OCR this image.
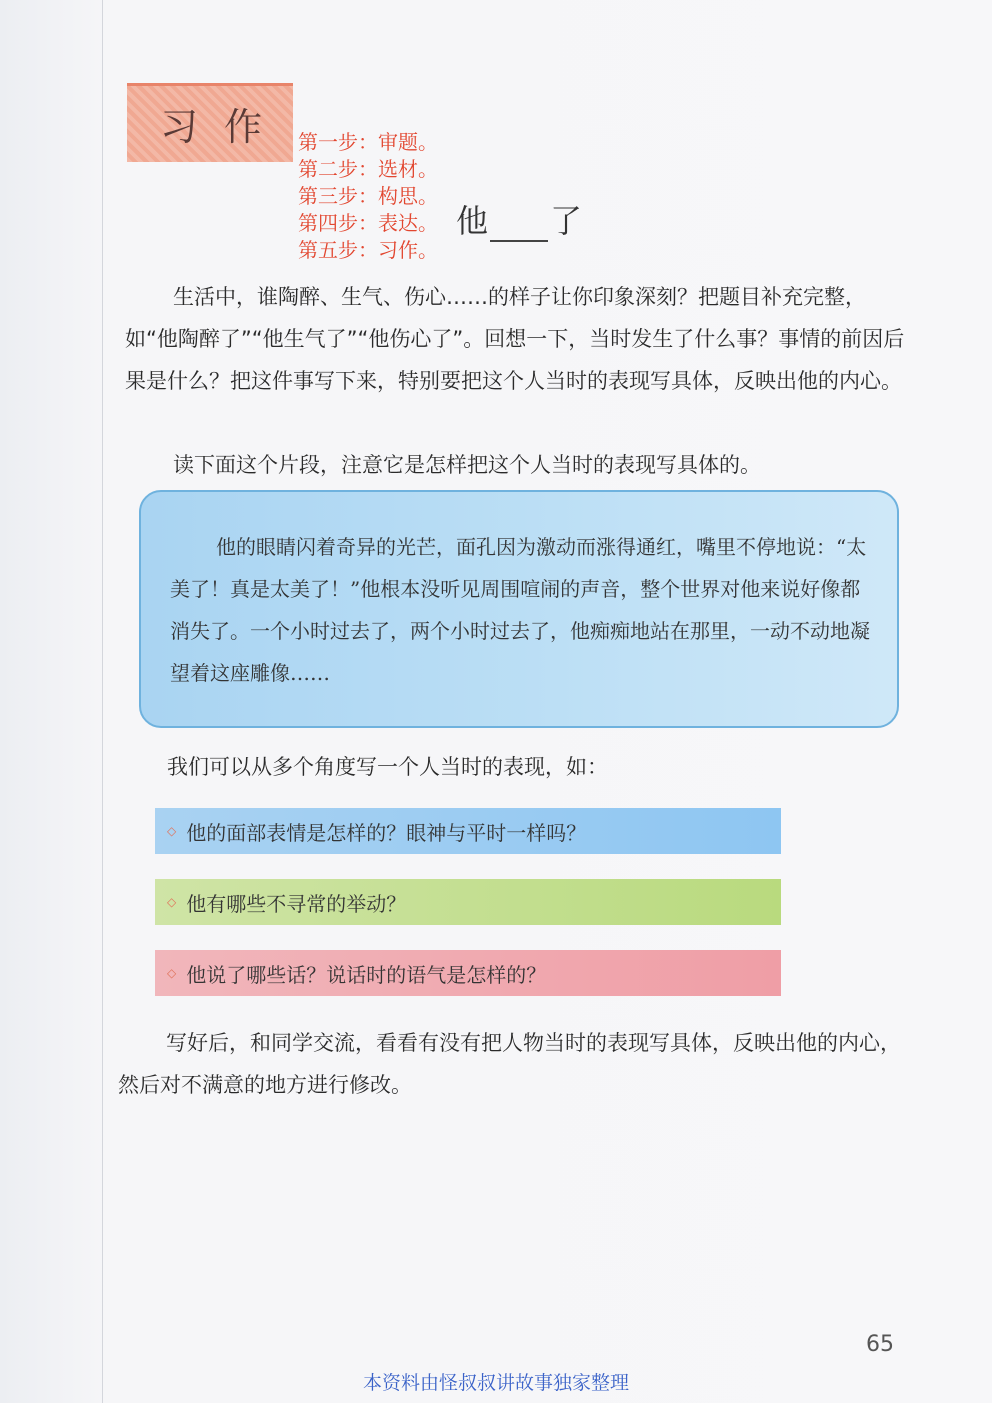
习作 第一步：审题。
第二步：选材。
第三步：构思。
第四步：表达。
第五步：习作。
他 了

生活中，谁陶醉、生气、伤心……的样子让你印象深刻？把题目补充完整，如“他陶醉了”“他生气了”“他伤心了”。回想一下，当时发生了什么事？事情的前因后果是什么？把这件事写下来，特别要把这个人当时的表现写具体，反映出他的内心。

读下面这个片段，注意它是怎样把这个人当时的表现写具体的。

他的眼睛闪着奇异的光芒，面孔因为激动而涨得通红，嘴里不停地说：“太美了！真是太美了！”他根本没听见周围喧闹的声音，整个世界对他来说好像都消失了。一个小时过去了，两个小时过去了，他痴痴地站在那里，一动不动地凝望着这座雕像……

我们可以从多个角度写一个人当时的表现，如：

◇ 他的面部表情是怎样的？眼神与平时一样吗？
◇ 他有哪些不寻常的举动？
◇ 他说了哪些话？说话时的语气是怎样的？

写好后，和同学交流，看看有没有把人物当时的表现写具体，反映出他的内心，然后对不满意的地方进行修改。

65
本资料由怪叔叔讲故事独家整理
